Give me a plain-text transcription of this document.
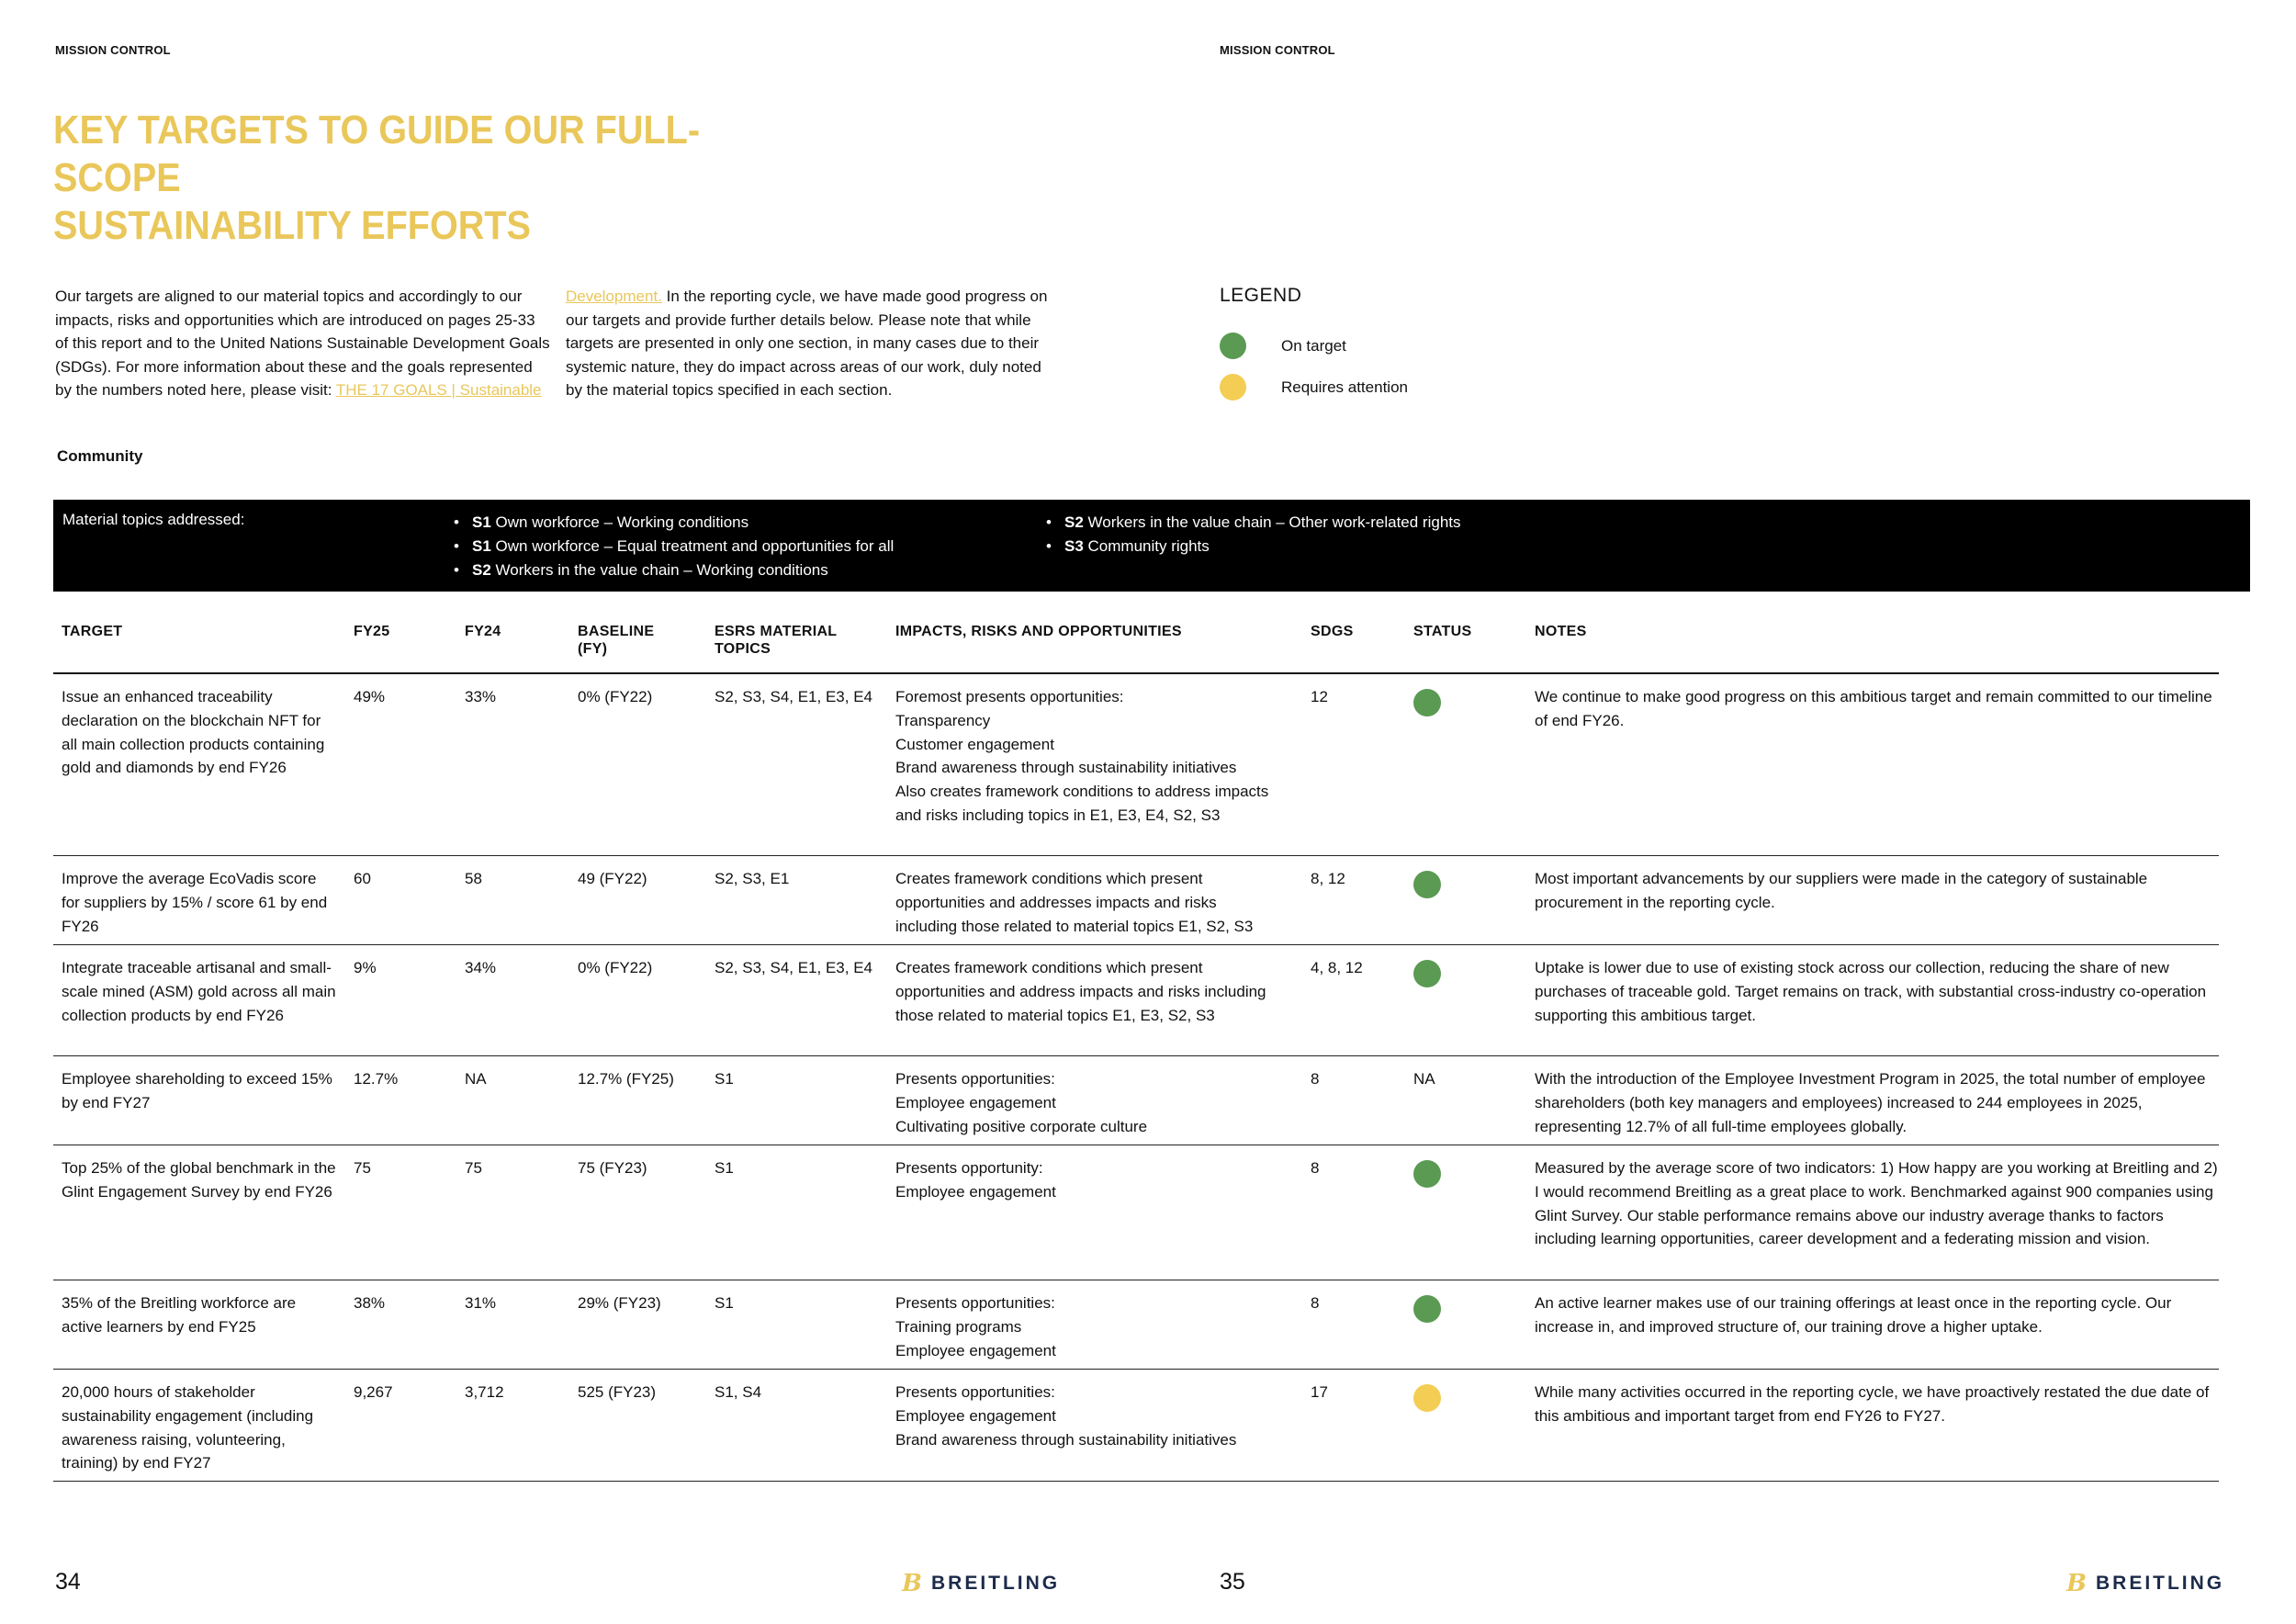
MISSION CONTROL	MISSION CONTROL
KEY TARGETS TO GUIDE OUR FULL-SCOPE
SUSTAINABILITY EFFORTS
Our targets are aligned to our material topics and accordingly to our impacts, risks and opportunities which are introduced on pages 25-33 of this report and to the United Nations Sustainable Development Goals (SDGs). For more information about these and the goals represented by the numbers noted here, please visit: THE 17 GOALS | Sustainable
Development. In the reporting cycle, we have made good progress on our targets and provide further details below. Please note that while targets are presented in only one section, in many cases due to their systemic nature, they do impact across areas of our work, duly noted by the material topics specified in each section.
LEGEND
On target
Requires attention
Community
Material topics addressed:
•	S1 Own workforce – Working conditions
• S1 Own workforce – Equal treatment and opportunities for all
• S2 Workers in the value chain – Working conditions
• S2 Workers in the value chain – Other work-related rights
• S3 Community rights
TARGET	FY25	FY24	BASELINE (FY)
ESRS MATERIAL TOPICS
IMPACTS, RISKS AND OPPORTUNITIES	SDGS	STATUS	NOTES
Issue an enhanced traceability declaration on the blockchain NFT for all main collection products containing gold and diamonds by end FY26
49%	33%	0% (FY22)	S2, S3, S4, E1, E3, E4	Foremost presents opportunities:
Transparency
Customer engagement
Brand awareness through sustainability initiatives
Also creates framework conditions to address impacts and risks including topics in E1, E3, E4, S2, S3
12	We continue to make good progress on this ambitious target and remain committed to our timeline of end FY26.
Improve the average EcoVadis score for suppliers by 15% / score 61 by end FY26
60	58	49 (FY22)	S2, S3, E1	Creates framework conditions which present opportunities and addresses impacts and risks including those related to material topics E1, S2, S3
8, 12	Most important advancements by our suppliers were made in the category of sustainable procurement in the reporting cycle.
Integrate traceable artisanal and small-scale mined (ASM) gold across all main collection products by end FY26
9%	34%	0% (FY22)	S2, S3, S4, E1, E3, E4	Creates framework conditions which present opportunities and address impacts and risks including those related to material topics E1, E3, S2, S3
4, 8, 12	Uptake is lower due to use of existing stock across our collection, reducing the share of new purchases of traceable gold. Target remains on track, with substantial cross-industry co-operation supporting this ambitious target.
Employee shareholding to exceed 15% by end FY27
12.7%	NA	12.7% (FY25)	S1	Presents opportunities:
Employee engagement
Cultivating positive corporate culture
8	With the introduction of the Employee Investment Program in 2025, the total number of employee shareholders (both key managers and employees) increased to 244 employees in 2025, representing 12.7% of all full-time employees globally.
NA
Top 25% of the global benchmark in the Glint Engagement Survey by end FY26
75	75	75 (FY23)	S1	Presents opportunity:
Employee engagement
8	Measured by the average score of two indicators: 1) How happy are you working at Breitling and 2) I would recommend Breitling as a great place to work. Benchmarked against 900 companies using Glint Survey. Our stable performance remains above our industry average thanks to factors including learning opportunities, career development and a federating mission and vision.
35% of the Breitling workforce are active learners by end FY25
38%	31%	29% (FY23)	S1	Presents opportunities:
Training programs
Employee engagement
8	An active learner makes use of our training offerings at least once in the reporting cycle. Our increase in, and improved structure of, our training drove a higher uptake.
20,000 hours of stakeholder sustainability engagement (including awareness raising, volunteering, training) by end FY27
9,267	3,712	525 (FY23)	S1, S4	Presents opportunities:
Employee engagement
Brand awareness through sustainability initiatives
17	While many activities occurred in the reporting cycle, we have proactively restated the due date of this ambitious and important target from end FY26 to FY27.
34	35
B BREITLING	B BREITLING
